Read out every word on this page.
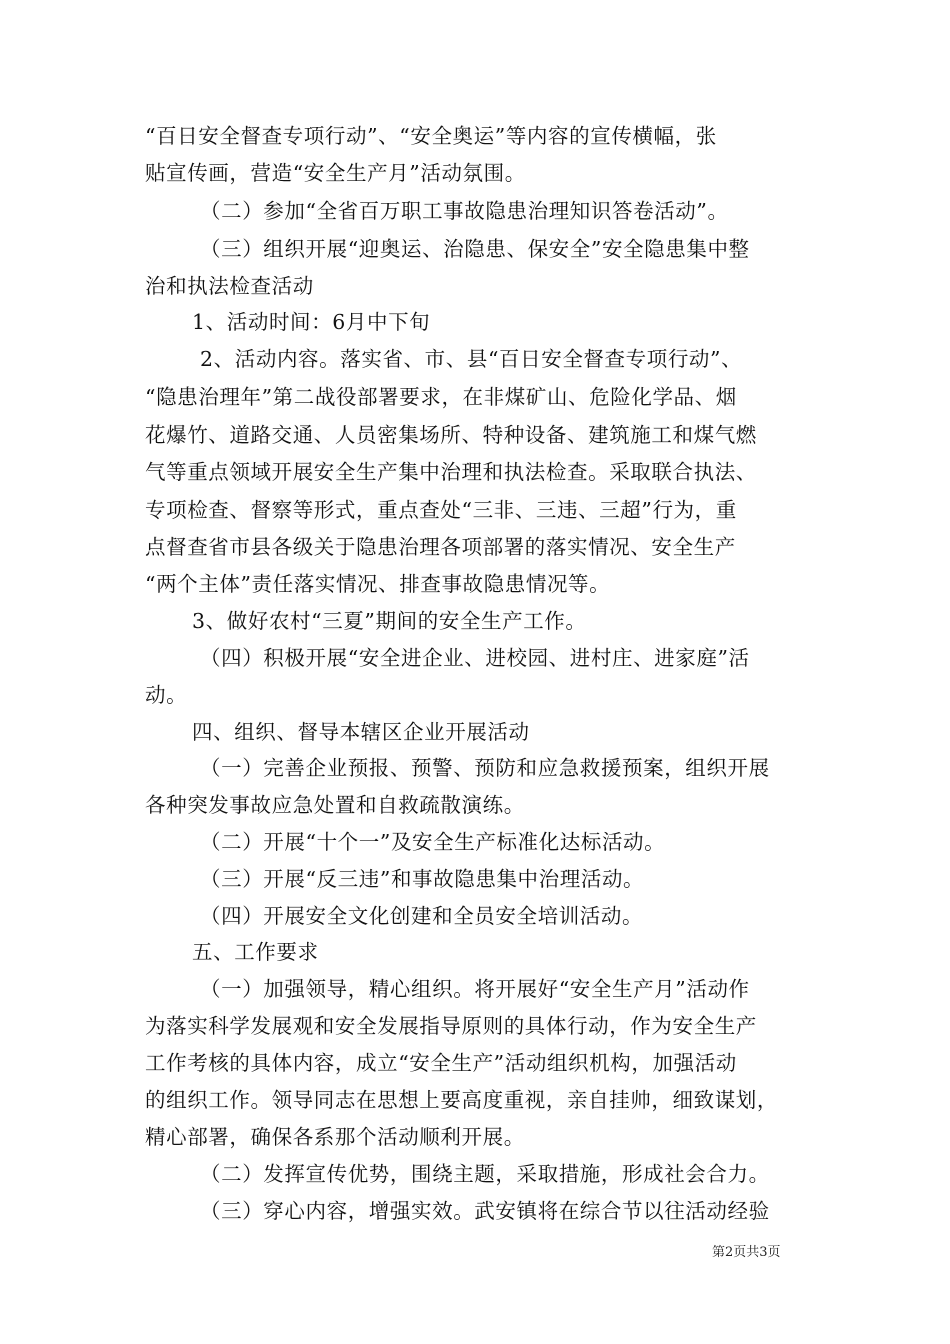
“百日安全督查专项行动”、“安全奥运”等内容的宣传横幅，张
贴宣传画，营造“安全生产月”活动氛围。
（二）参加“全省百万职工事故隐患治理知识答卷活动”。
（三）组织开展“迎奥运、治隐患、保安全”安全隐患集中整
治和执法检查活动
1、活动时间：6月中下旬
2、活动内容。落实省、市、县“百日安全督查专项行动”、
“隐患治理年”第二战役部署要求，在非煤矿山、危险化学品、烟
花爆竹、道路交通、人员密集场所、特种设备、建筑施工和煤气燃
气等重点领域开展安全生产集中治理和执法检查。采取联合执法、
专项检查、督察等形式，重点查处“三非、三违、三超”行为，重
点督查省市县各级关于隐患治理各项部署的落实情况、安全生产
“两个主体”责任落实情况、排查事故隐患情况等。
3、做好农村“三夏”期间的安全生产工作。
（四）积极开展“安全进企业、进校园、进村庄、进家庭”活
动。
四、组织、督导本辖区企业开展活动
（一）完善企业预报、预警、预防和应急救援预案，组织开展
各种突发事故应急处置和自救疏散演练。
（二）开展“十个一”及安全生产标准化达标活动。
（三）开展“反三违”和事故隐患集中治理活动。
（四）开展安全文化创建和全员安全培训活动。
五、工作要求
（一）加强领导，精心组织。将开展好“安全生产月”活动作
为落实科学发展观和安全发展指导原则的具体行动，作为安全生产
工作考核的具体内容，成立“安全生产”活动组织机构，加强活动
的组织工作。领导同志在思想上要高度重视，亲自挂帅，细致谋划，
精心部署，确保各系那个活动顺利开展。
（二）发挥宣传优势，围绕主题，采取措施，形成社会合力。
（三）穿心内容，增强实效。武安镇将在综合节以往活动经验
第2页共3页
